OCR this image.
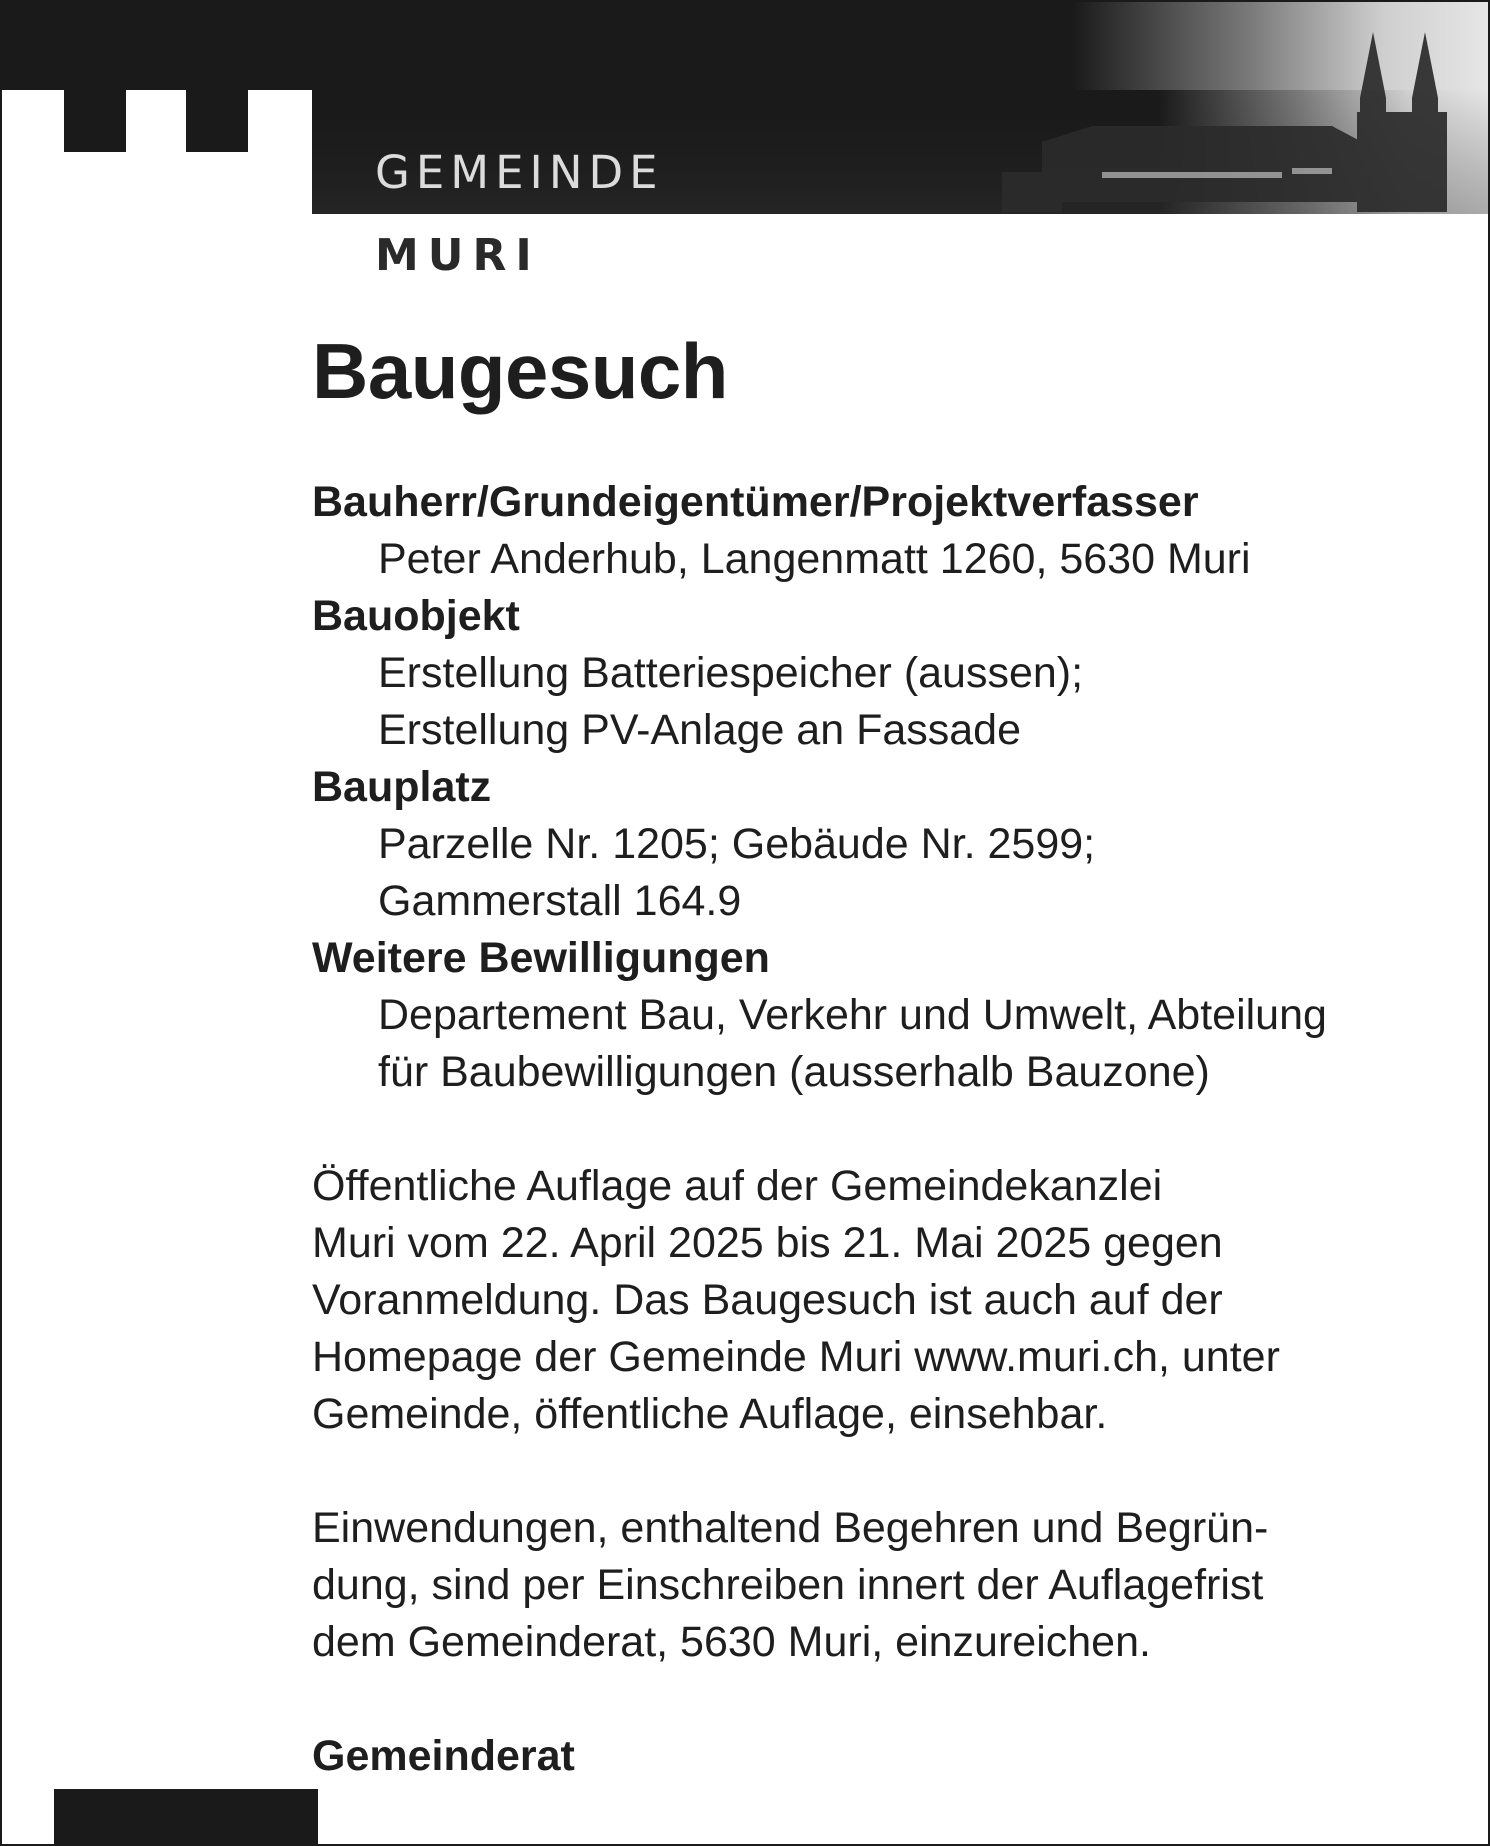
GEMEINDE
MURI
Baugesuch
Bauherr/Grundeigentümer/Projektverfasser
Peter Anderhub, Langenmatt 1260, 5630 Muri
Bauobjekt
Erstellung Batteriespeicher (aussen);
Erstellung PV-Anlage an Fassade
Bauplatz
Parzelle Nr. 1205; Gebäude Nr. 2599;
Gammerstall 164.9
Weitere Bewilligungen
Departement Bau, Verkehr und Umwelt, Abteilung
für Baubewilligungen (ausserhalb Bauzone)
Öffentliche Auflage auf der Gemeindekanzlei
Muri vom 22. April 2025 bis 21. Mai 2025 gegen
Voranmeldung. Das Baugesuch ist auch auf der
Homepage der Gemeinde Muri www.muri.ch, unter
Gemeinde, öffentliche Auflage, einsehbar.
Einwendungen, enthaltend Begehren und Begrün-
dung, sind per Einschreiben innert der Auflagefrist
dem Gemeinderat, 5630 Muri, einzureichen.
Gemeinderat
